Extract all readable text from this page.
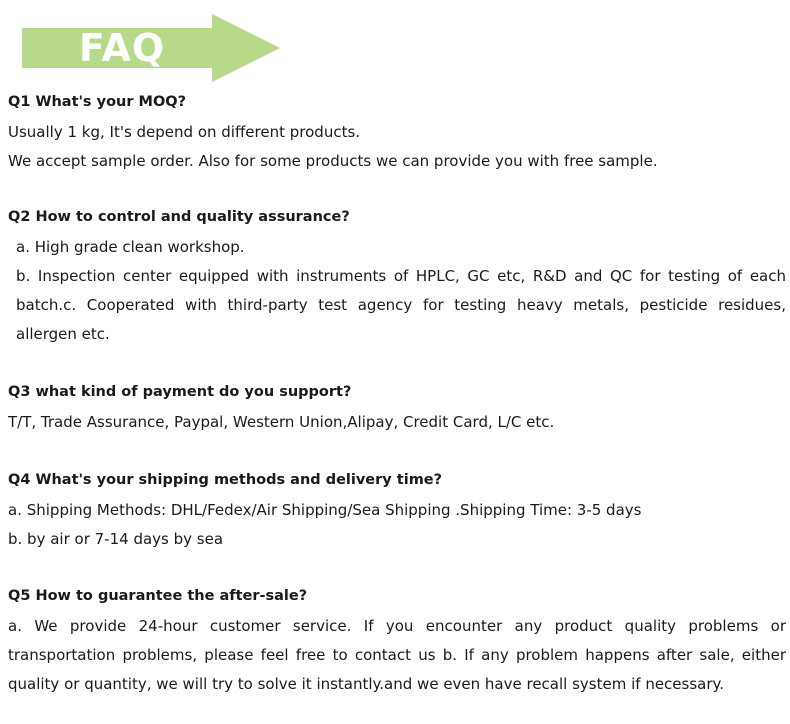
FAQ
Q1 What's your MOQ?
Usually 1 kg, It's depend on different products.
We accept sample order. Also for some products we can provide you with free sample.
Q2 How to control and quality assurance?
a. High grade clean workshop.
b. Inspection center equipped with instruments of HPLC, GC etc, R&D and QC for testing of each batch.c. Cooperated with third-party test agency for testing heavy metals, pesticide residues, allergen etc.
Q3 what kind of payment do you support?
T/T, Trade Assurance, Paypal, Western Union,Alipay, Credit Card, L/C etc.
Q4 What's your shipping methods and delivery time?
a. Shipping Methods: DHL/Fedex/Air Shipping/Sea Shipping .Shipping Time: 3-5 days
b. by air or 7-14 days by sea
Q5 How to guarantee the after-sale?
a. We provide 24-hour customer service. If you encounter any product quality problems or transportation problems, please feel free to contact us b. If any problem happens after sale, either quality or quantity, we will try to solve it instantly.and we even have recall system if necessary.
